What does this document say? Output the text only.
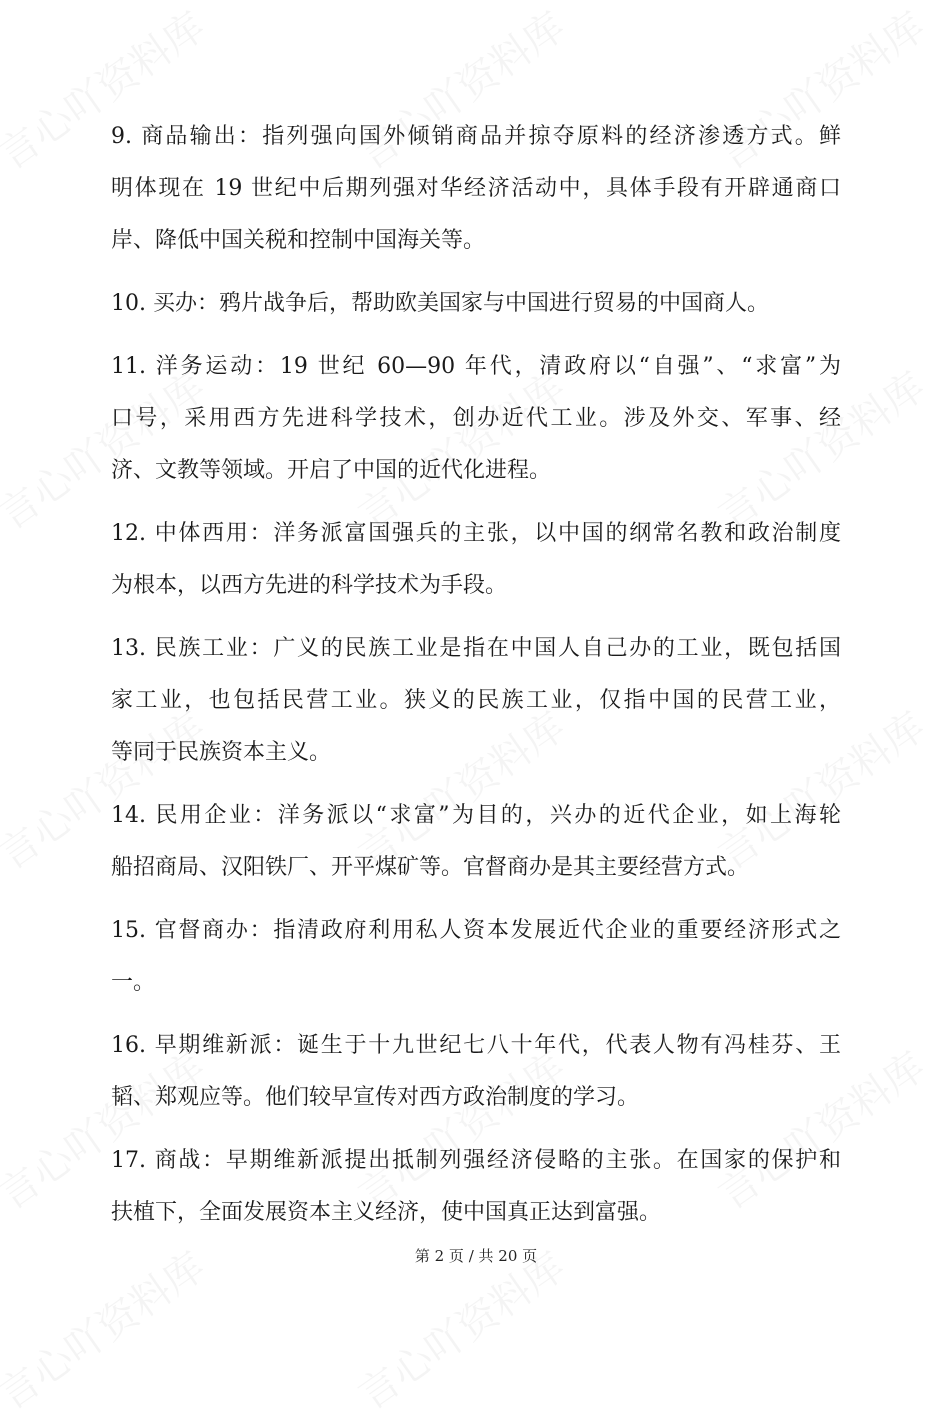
9. 商品输出：指列强向国外倾销商品并掠夺原料的经济渗透方式。鲜
明体现在 19 世纪中后期列强对华经济活动中，具体手段有开辟通商口
岸、降低中国关税和控制中国海关等。
10. 买办：鸦片战争后，帮助欧美国家与中国进行贸易的中国商人。
11. 洋务运动：19 世纪 60—90 年代，清政府以“自强”、“求富”为
口号，采用西方先进科学技术，创办近代工业。涉及外交、军事、经
济、文教等领域。开启了中国的近代化进程。
12. 中体西用：洋务派富国强兵的主张，以中国的纲常名教和政治制度
为根本，以西方先进的科学技术为手段。
13. 民族工业：广义的民族工业是指在中国人自己办的工业，既包括国
家工业，也包括民营工业。狭义的民族工业，仅指中国的民营工业，
等同于民族资本主义。
14. 民用企业：洋务派以“求富”为目的，兴办的近代企业，如上海轮
船招商局、汉阳铁厂、开平煤矿等。官督商办是其主要经营方式。
15. 官督商办：指清政府利用私人资本发展近代企业的重要经济形式之
一。
16. 早期维新派：诞生于十九世纪七八十年代，代表人物有冯桂芬、王
韬、郑观应等。他们较早宣传对西方政治制度的学习。
17. 商战：早期维新派提出抵制列强经济侵略的主张。在国家的保护和
扶植下，全面发展资本主义经济，使中国真正达到富强。
第 2 页 / 共 20 页
